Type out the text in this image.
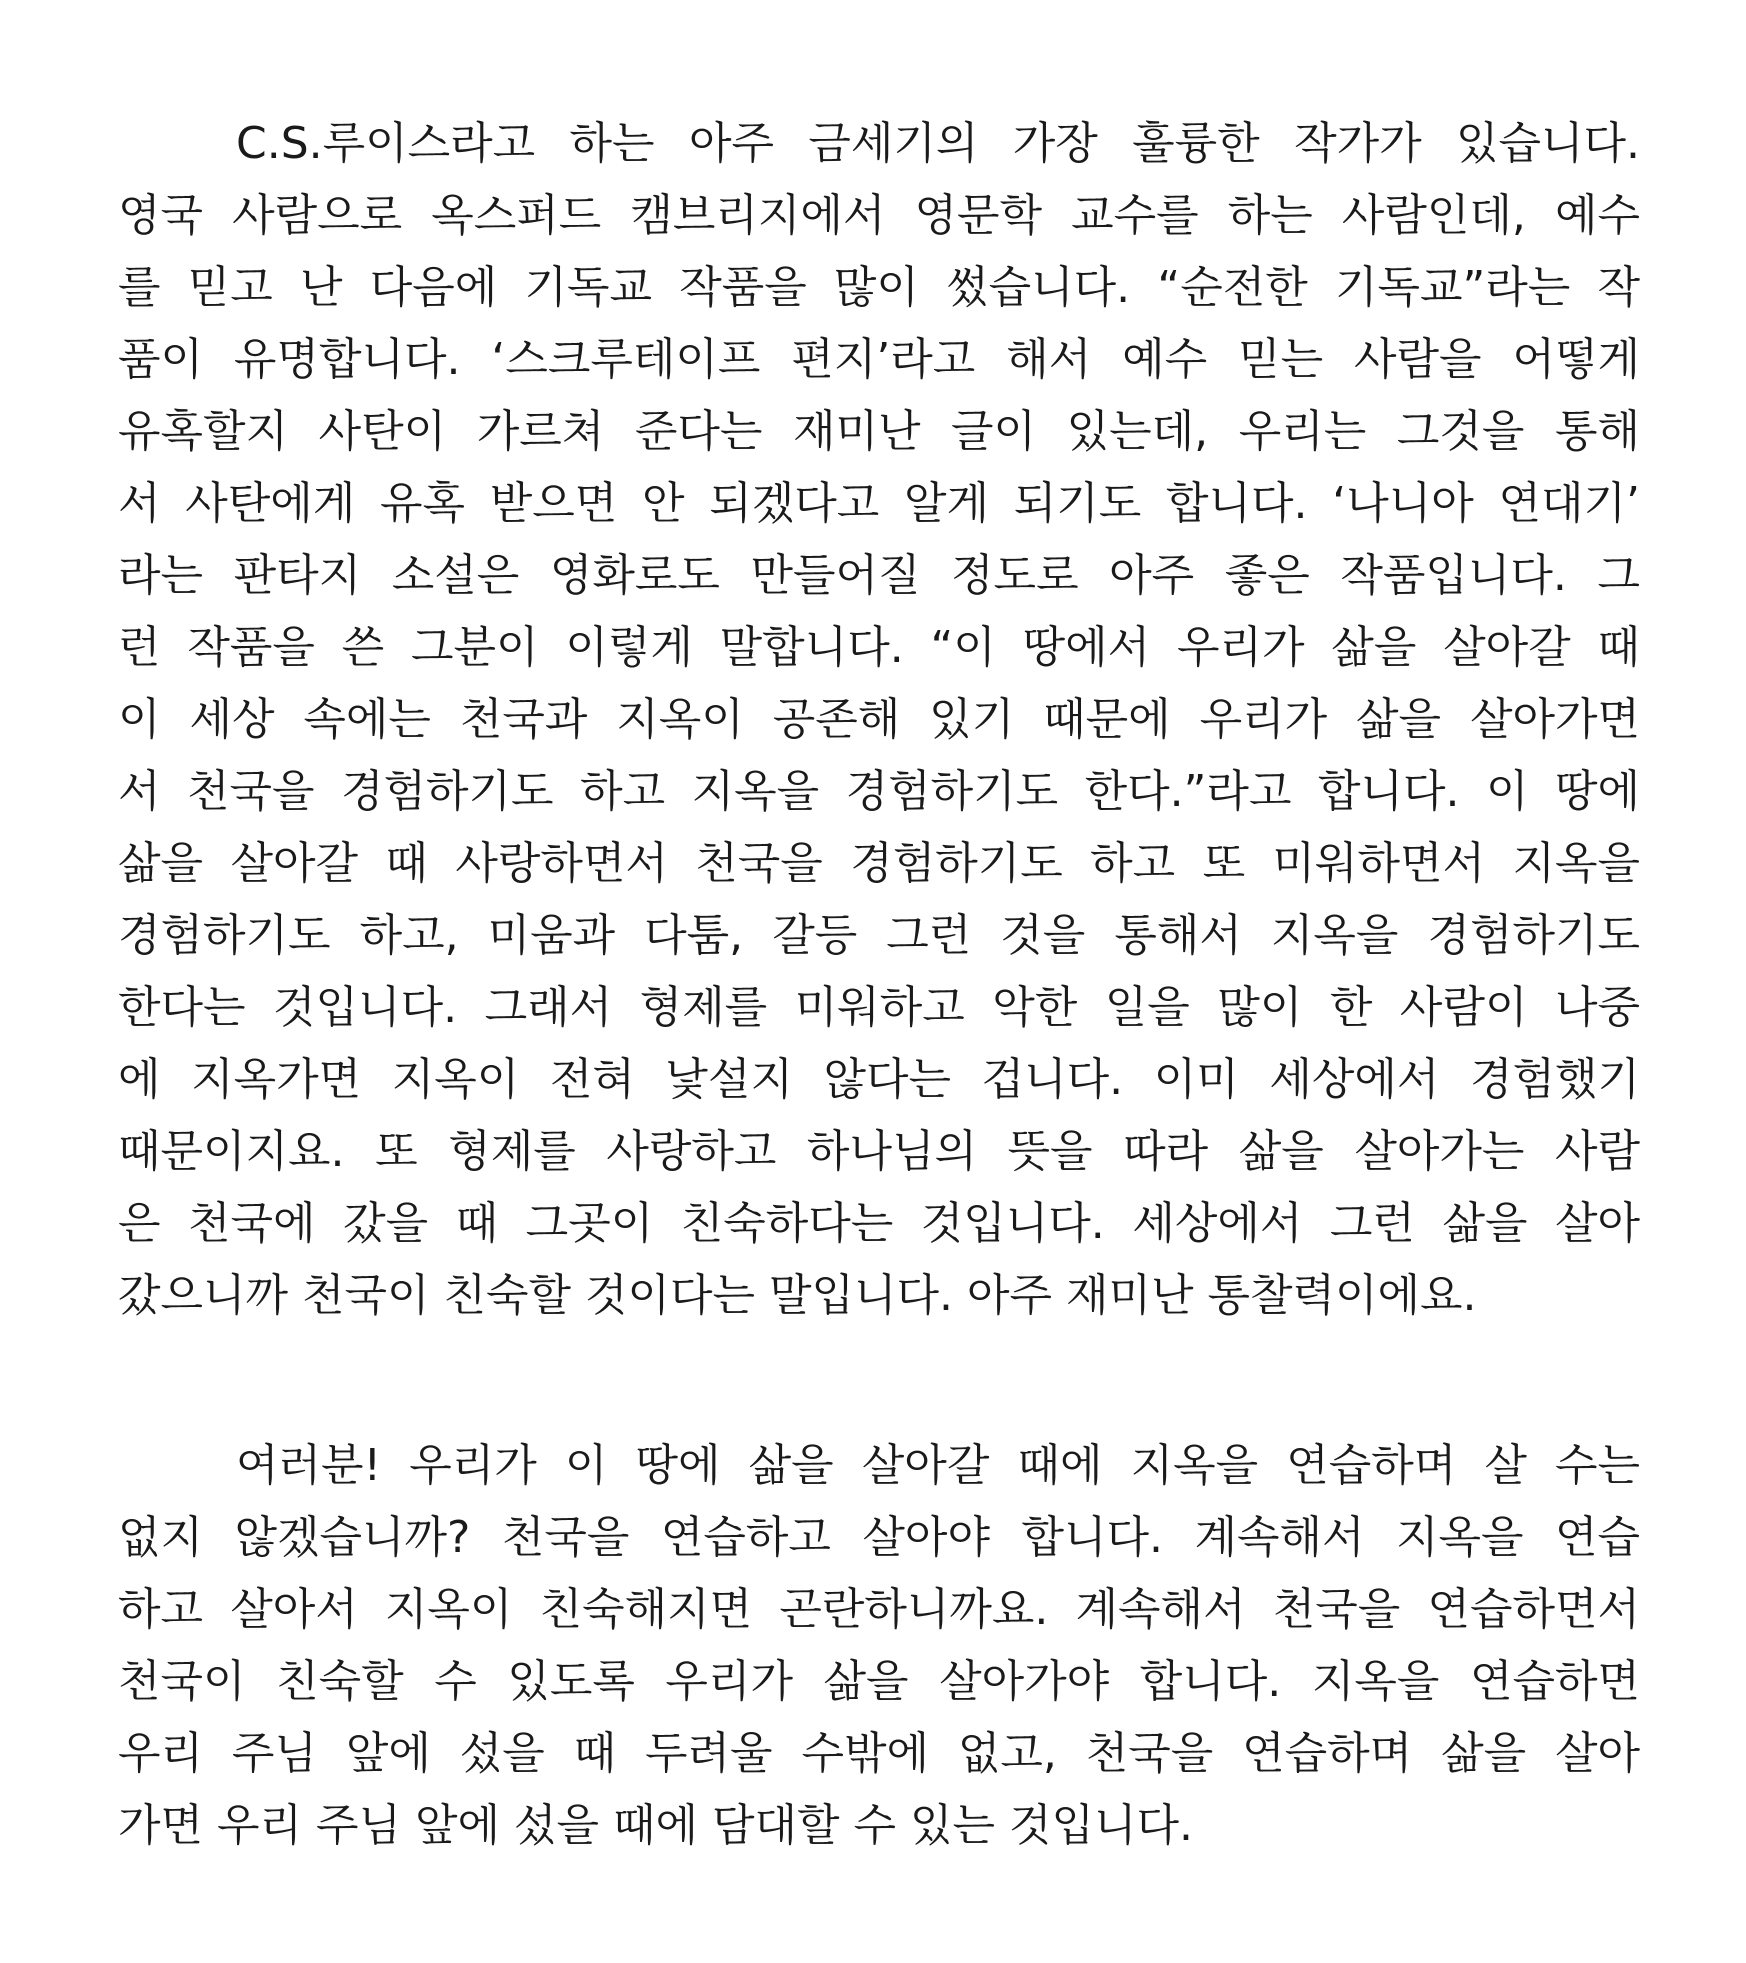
C.S.루이스라고 하는 아주 금세기의 가장 훌륭한 작가가 있습니다.
영국 사람으로 옥스퍼드 캠브리지에서 영문학 교수를 하는 사람인데, 예수
를 믿고 난 다음에 기독교 작품을 많이 썼습니다. “순전한 기독교”라는 작
품이 유명합니다. ‘스크루테이프 편지’라고 해서 예수 믿는 사람을 어떻게
유혹할지 사탄이 가르쳐 준다는 재미난 글이 있는데, 우리는 그것을 통해
서 사탄에게 유혹 받으면 안 되겠다고 알게 되기도 합니다. ‘나니아 연대기’
라는 판타지 소설은 영화로도 만들어질 정도로 아주 좋은 작품입니다. 그
런 작품을 쓴 그분이 이렇게 말합니다. “이 땅에서 우리가 삶을 살아갈 때
이 세상 속에는 천국과 지옥이 공존해 있기 때문에 우리가 삶을 살아가면
서 천국을 경험하기도 하고 지옥을 경험하기도 한다.”라고 합니다. 이 땅에
삶을 살아갈 때 사랑하면서 천국을 경험하기도 하고 또 미워하면서 지옥을
경험하기도 하고, 미움과 다툼, 갈등 그런 것을 통해서 지옥을 경험하기도
한다는 것입니다. 그래서 형제를 미워하고 악한 일을 많이 한 사람이 나중
에 지옥가면 지옥이 전혀 낯설지 않다는 겁니다. 이미 세상에서 경험했기
때문이지요. 또 형제를 사랑하고 하나님의 뜻을 따라 삶을 살아가는 사람
은 천국에 갔을 때 그곳이 친숙하다는 것입니다. 세상에서 그런 삶을 살아
갔으니까 천국이 친숙할 것이다는 말입니다. 아주 재미난 통찰력이에요.
여러분! 우리가 이 땅에 삶을 살아갈 때에 지옥을 연습하며 살 수는
없지 않겠습니까? 천국을 연습하고 살아야 합니다. 계속해서 지옥을 연습
하고 살아서 지옥이 친숙해지면 곤란하니까요. 계속해서 천국을 연습하면서
천국이 친숙할 수 있도록 우리가 삶을 살아가야 합니다. 지옥을 연습하면
우리 주님 앞에 섰을 때 두려울 수밖에 없고, 천국을 연습하며 삶을 살아
가면 우리 주님 앞에 섰을 때에 담대할 수 있는 것입니다.
